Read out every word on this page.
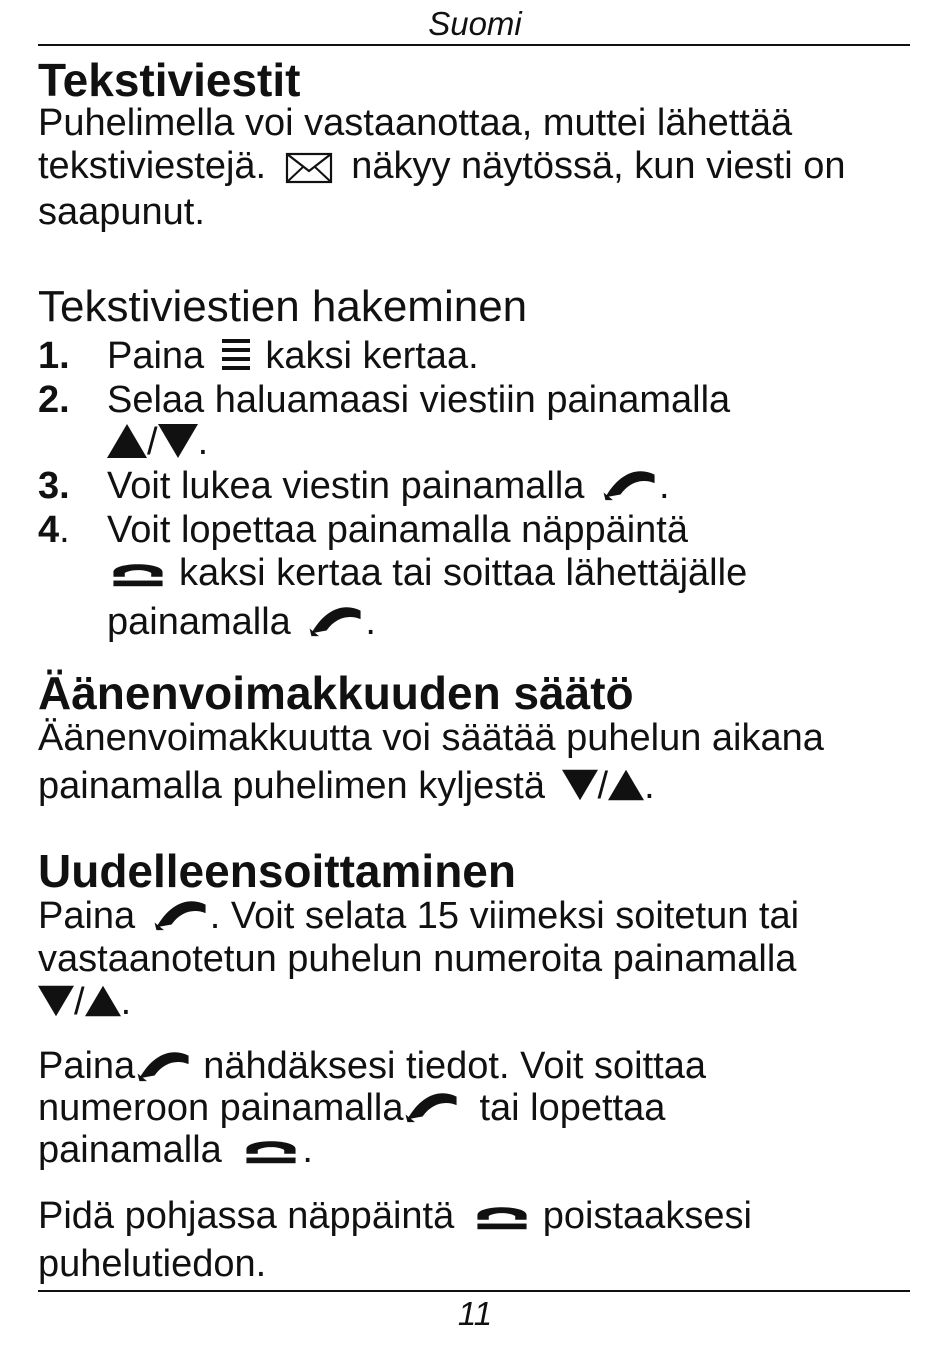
Suomi
Tekstiviestit
Puhelimella voi vastaanottaa, muttei lähettää
tekstiviestejä. näkyy näytössä, kun viesti on
saapunut.
Tekstiviestien hakeminen
1. Paina kaksi kertaa.
2. Selaa haluamaasi viestiin painamalla
/ .
3. Voit lukea viestin painamalla .
4. Voit lopettaa painamalla näppäintä
kaksi kertaa tai soittaa lähettäjälle
painamalla .
Äänenvoimakkuuden säätö
Äänenvoimakkuutta voi säätää puhelun aikana
painamalla puhelimen kyljestä / .
Uudelleensoittaminen
Paina . Voit selata 15 viimeksi soitetun tai
vastaanotetun puhelun numeroita painamalla
/ .
Paina nähdäksesi tiedot. Voit soittaa
numeroon painamalla tai lopettaa
painamalla .
Pidä pohjassa näppäintä poistaaksesi
puhelutiedon.
11
